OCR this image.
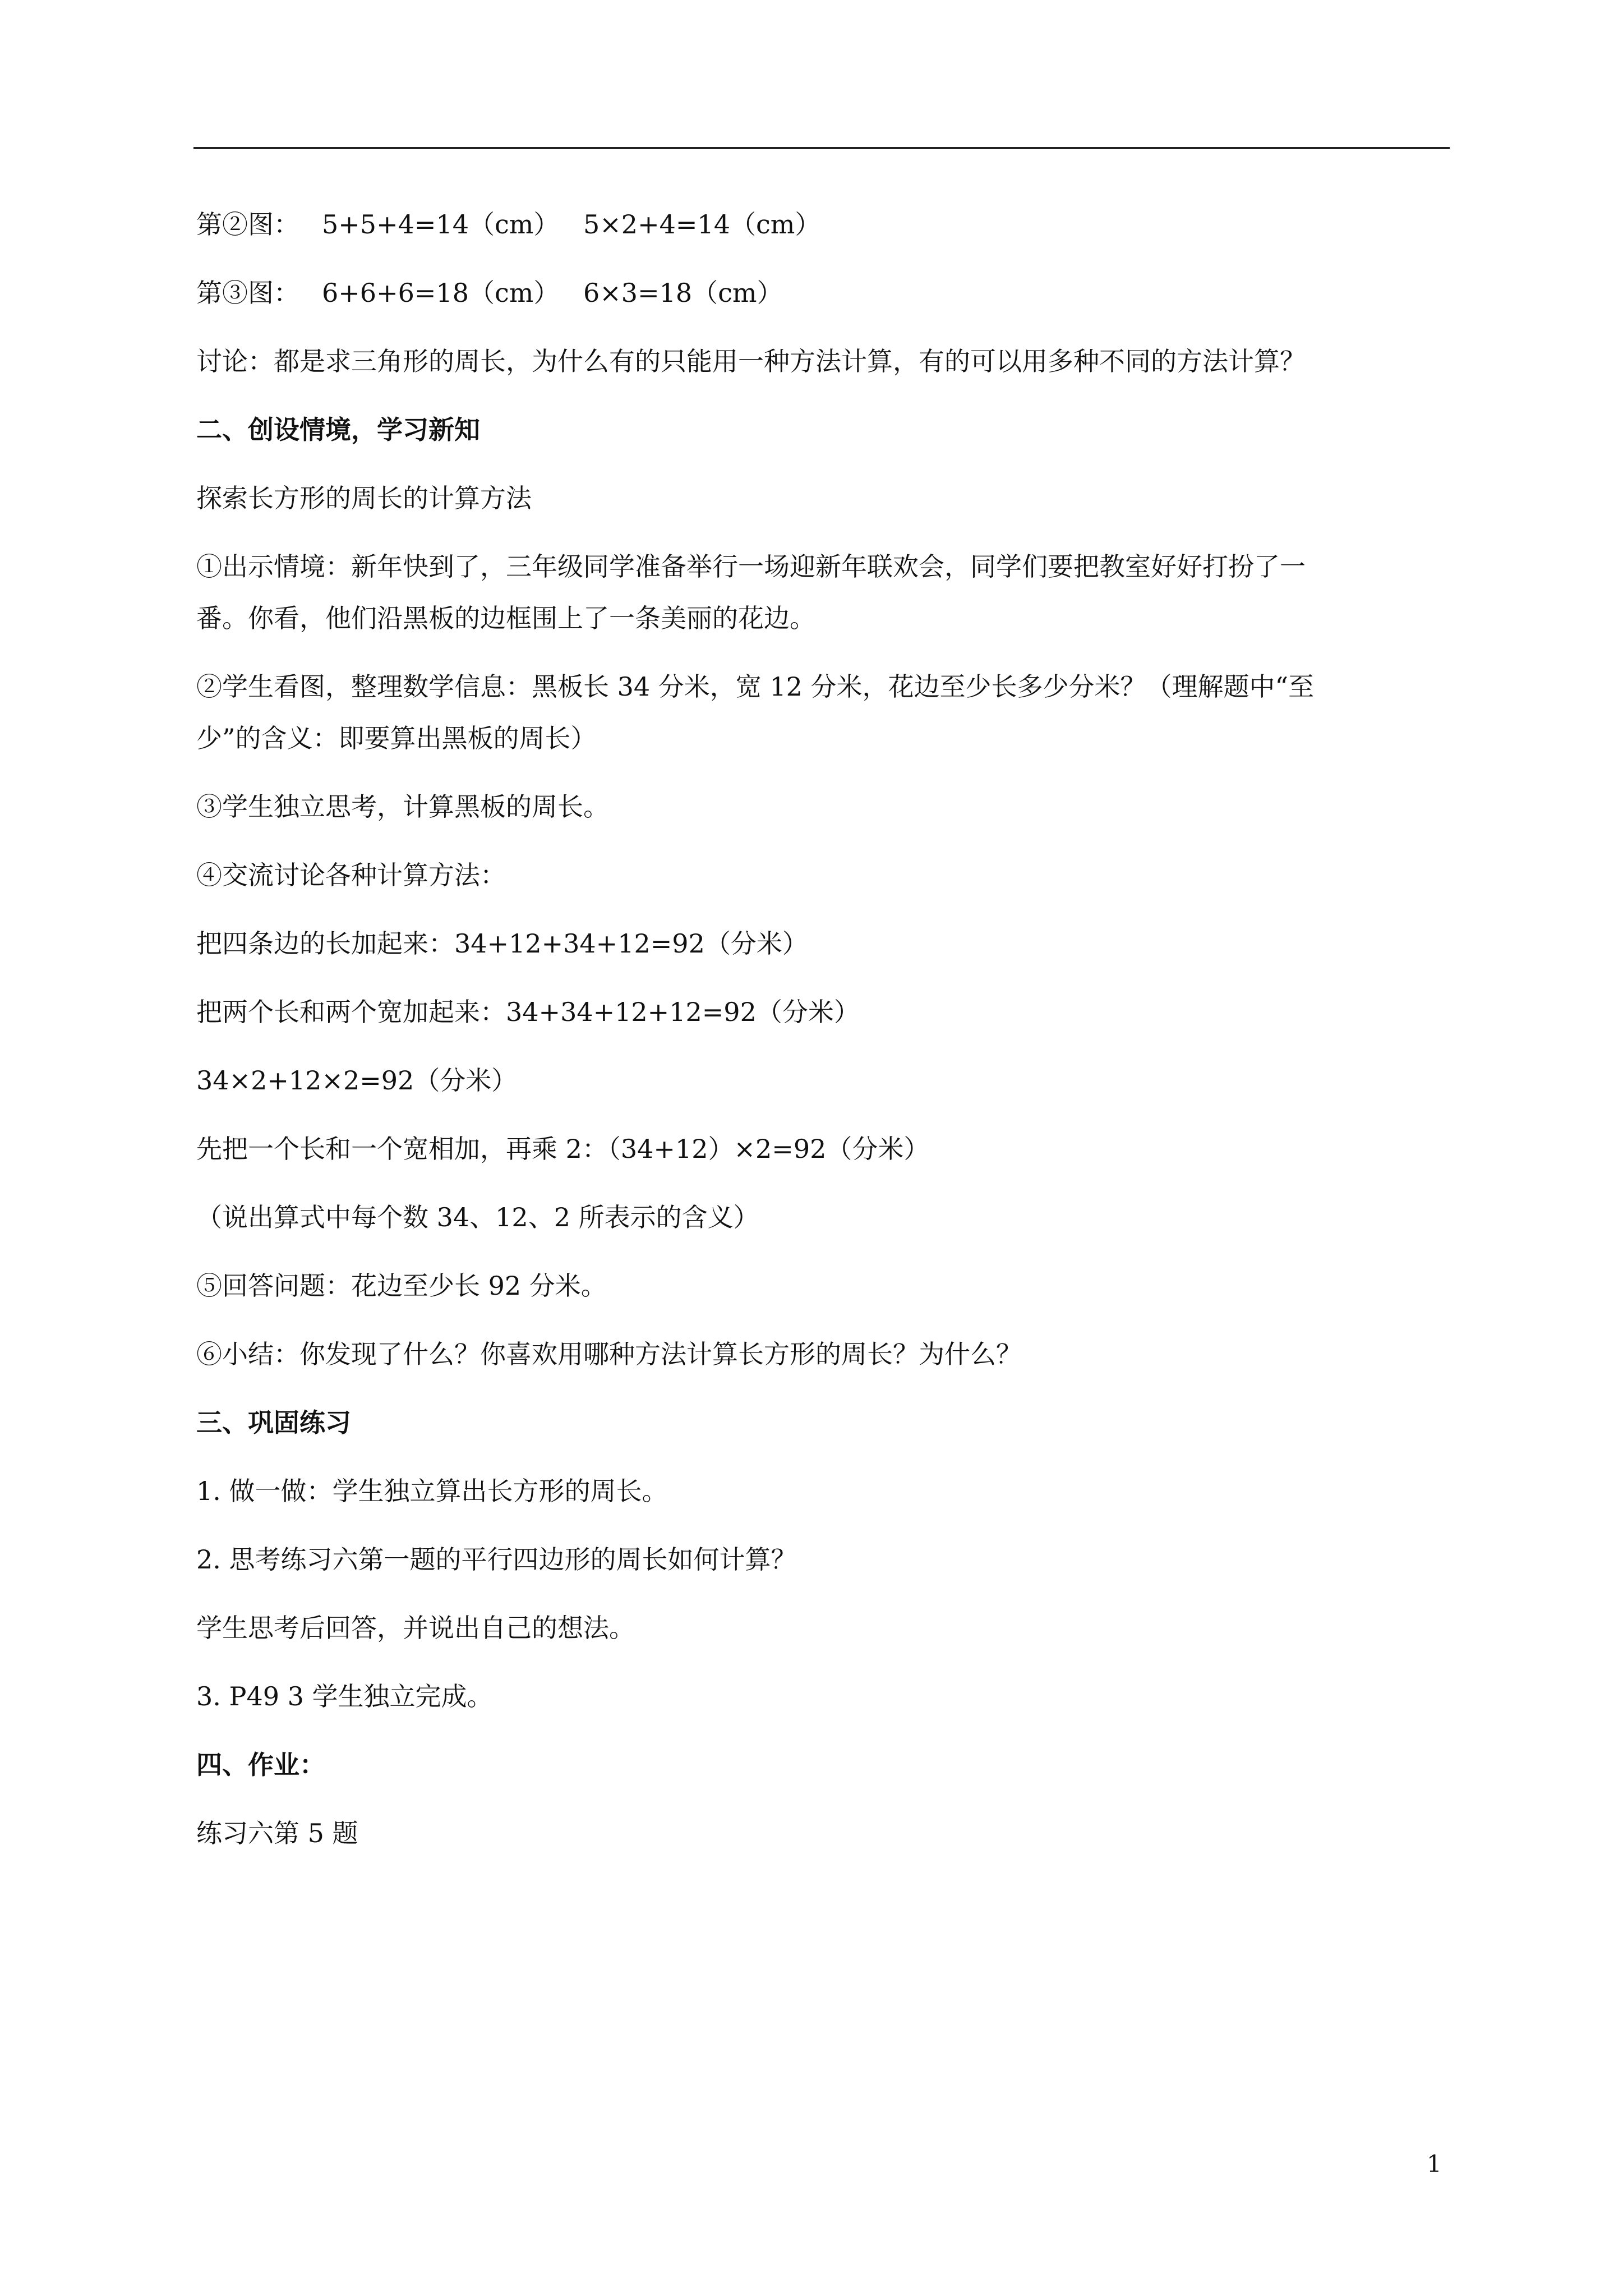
第②图： 5+5+4=14（cm） 5×2+4=14（cm）
第③图： 6+6+6=18（cm） 6×3=18（cm）
讨论：都是求三角形的周长，为什么有的只能用一种方法计算，有的可以用多种不同的方法计算？
二、创设情境，学习新知
探索长方形的周长的计算方法
①出示情境：新年快到了，三年级同学准备举行一场迎新年联欢会，同学们要把教室好好打扮了一
番。你看，他们沿黑板的边框围上了一条美丽的花边。
②学生看图，整理数学信息：黑板长 34 分米，宽 12 分米，花边至少长多少分米？（理解题中“至
少”的含义：即要算出黑板的周长）
③学生独立思考，计算黑板的周长。
④交流讨论各种计算方法：
把四条边的长加起来：34+12+34+12=92（分米）
把两个长和两个宽加起来：34+34+12+12=92（分米）
34×2+12×2=92（分米）
先把一个长和一个宽相加，再乘 2：（34+12）×2=92（分米）
（说出算式中每个数 34、12、2 所表示的含义）
⑤回答问题：花边至少长 92 分米。
⑥小结：你发现了什么？你喜欢用哪种方法计算长方形的周长？为什么？
三、巩固练习
1. 做一做：学生独立算出长方形的周长。
2. 思考练习六第一题的平行四边形的周长如何计算？
学生思考后回答，并说出自己的想法。
3. P49 3 学生独立完成。
四、作业：
练习六第 5 题
1
